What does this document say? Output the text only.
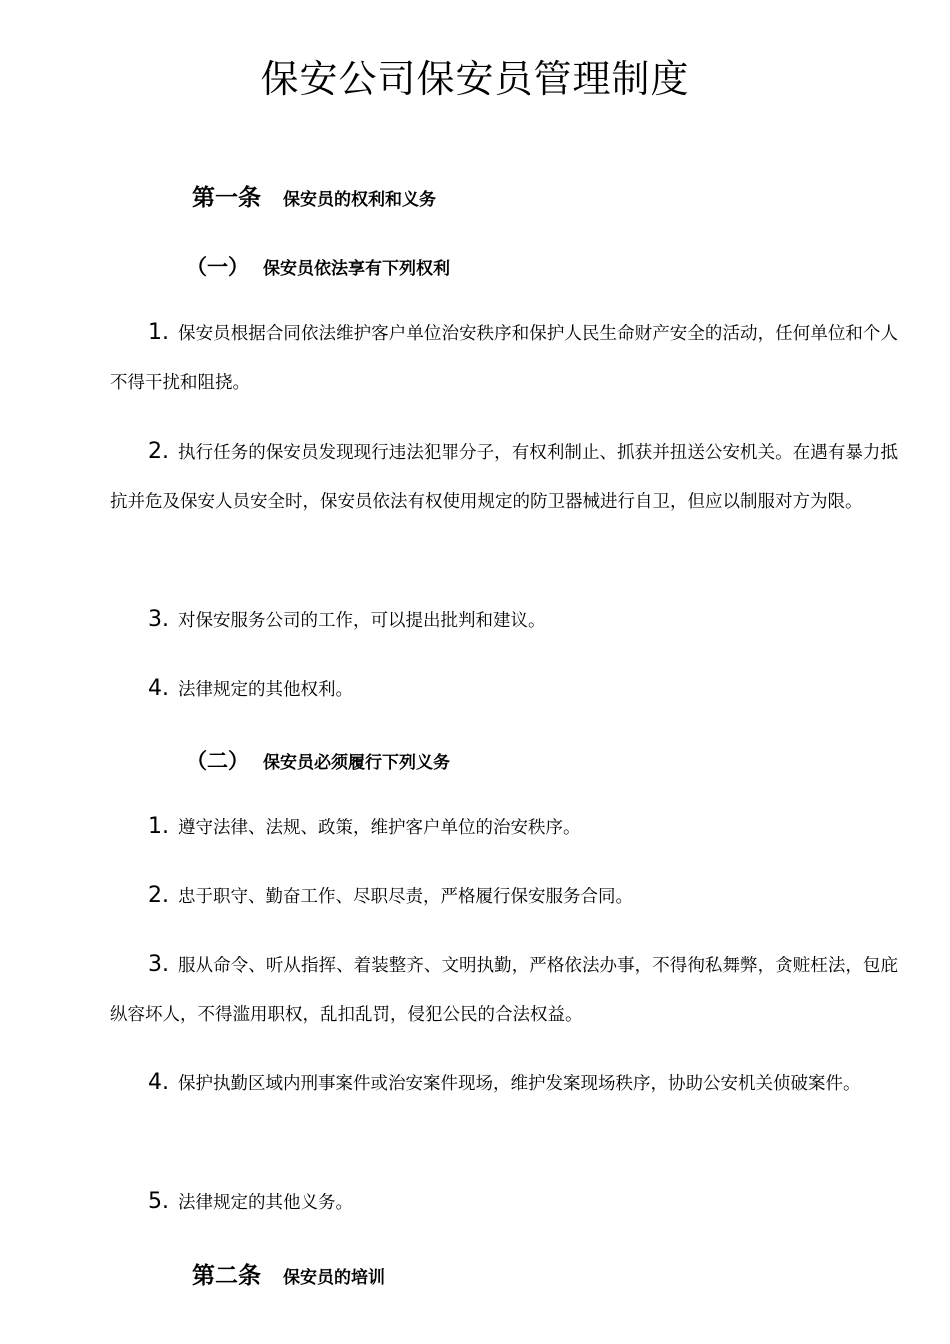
保安公司保安员管理制度
第一条 保安员的权利和义务
（一） 保安员依法享有下列权利
1. 保安员根据合同依法维护客户单位治安秩序和保护人民生命财产安全的活动，任何单位和个人不得干扰和阻挠。
2. 执行任务的保安员发现现行违法犯罪分子，有权利制止、抓获并扭送公安机关。在遇有暴力抵抗并危及保安人员安全时，保安员依法有权使用规定的防卫器械进行自卫，但应以制服对方为限。
3. 对保安服务公司的工作，可以提出批判和建议。
4. 法律规定的其他权利。
（二） 保安员必须履行下列义务
1. 遵守法律、法规、政策，维护客户单位的治安秩序。
2. 忠于职守、勤奋工作、尽职尽责，严格履行保安服务合同。
3. 服从命令、听从指挥、着装整齐、文明执勤，严格依法办事，不得徇私舞弊，贪赃枉法，包庇纵容坏人，不得滥用职权，乱扣乱罚，侵犯公民的合法权益。
4. 保护执勤区域内刑事案件或治安案件现场，维护发案现场秩序，协助公安机关侦破案件。
5. 法律规定的其他义务。
第二条 保安员的培训
